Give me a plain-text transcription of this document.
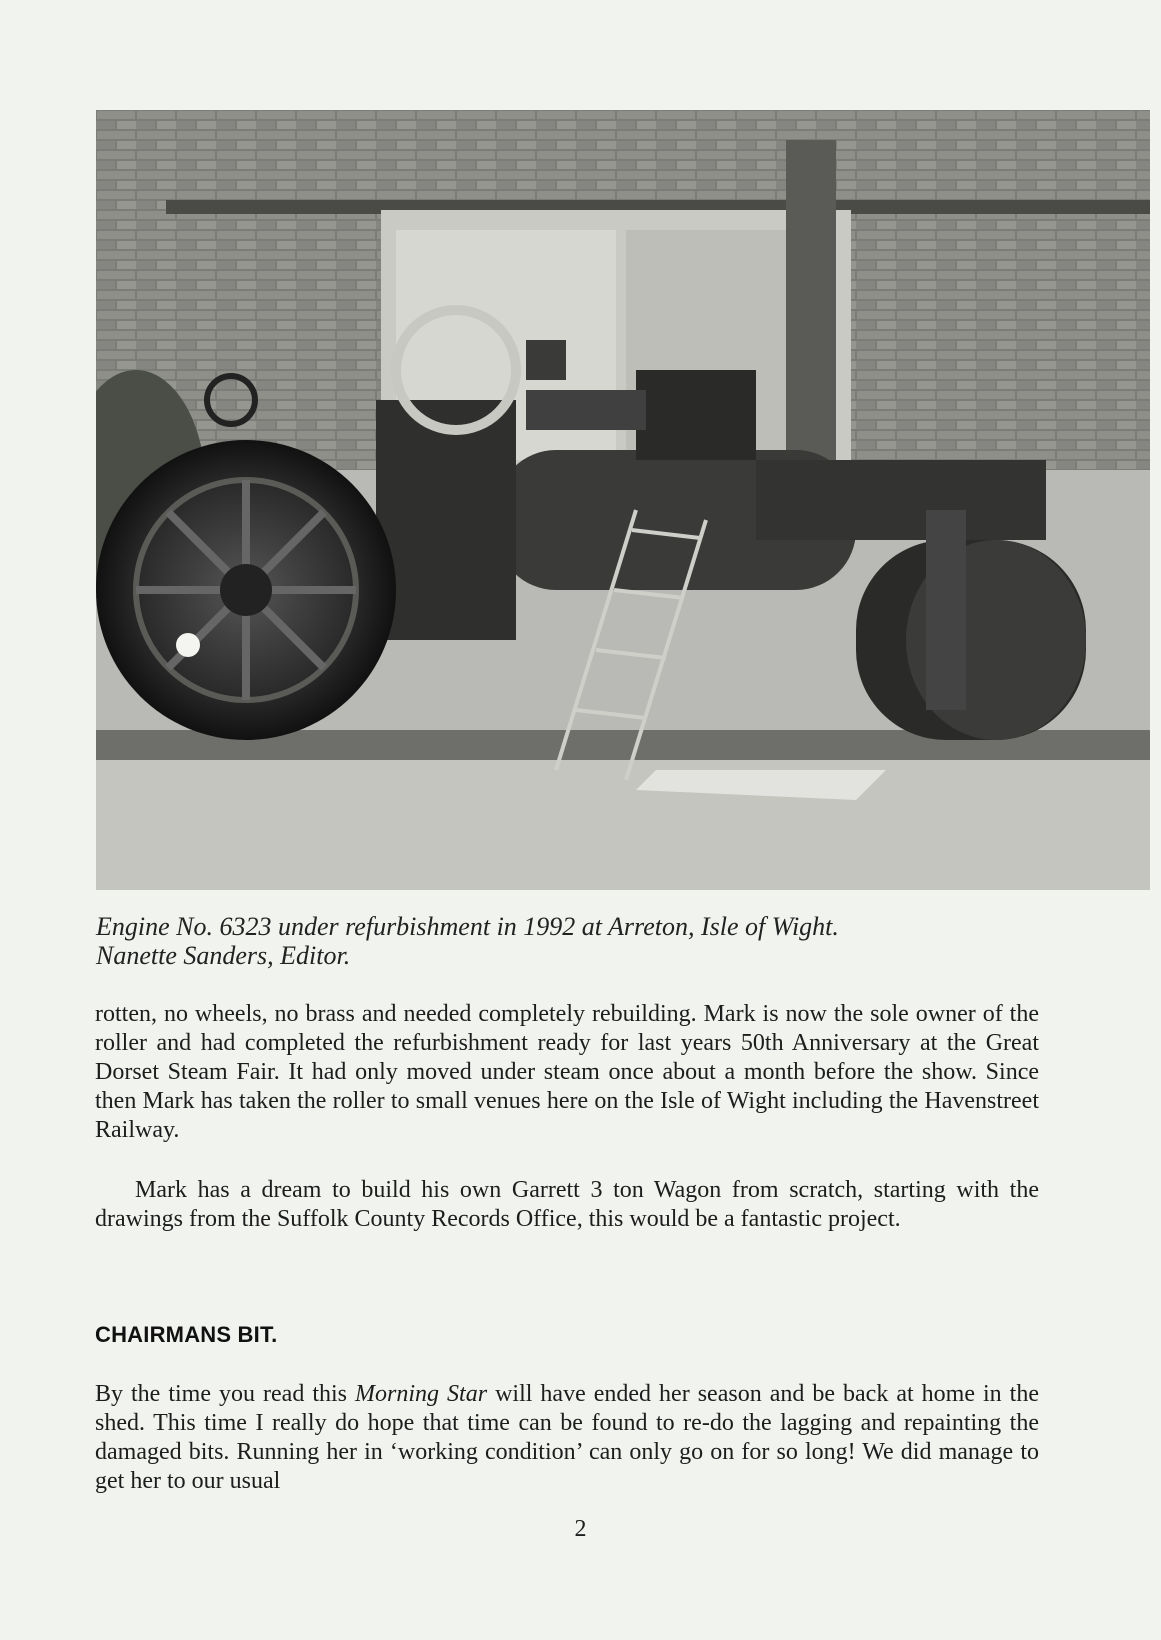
Engine No. 6323 under refurbishment in 1992 at Arreton, Isle of Wight.
Nanette Sanders, Editor.

rotten, no wheels, no brass and needed completely rebuilding. Mark is now the sole owner of the roller and had completed the refurbishment ready for last years 50th Anniversary at the Great Dorset Steam Fair. It had only moved under steam once about a month before the show. Since then Mark has taken the roller to small venues here on the Isle of Wight including the Havenstreet Railway.

Mark has a dream to build his own Garrett 3 ton Wagon from scratch, starting with the drawings from the Suffolk County Records Office, this would be a fantastic project.

CHAIRMANS BIT.

By the time you read this Morning Star will have ended her season and be back at home in the shed. This time I really do hope that time can be found to re-do the lagging and repainting the damaged bits. Running her in ‘working condition’ can only go on for so long! We did manage to get her to our usual

2
